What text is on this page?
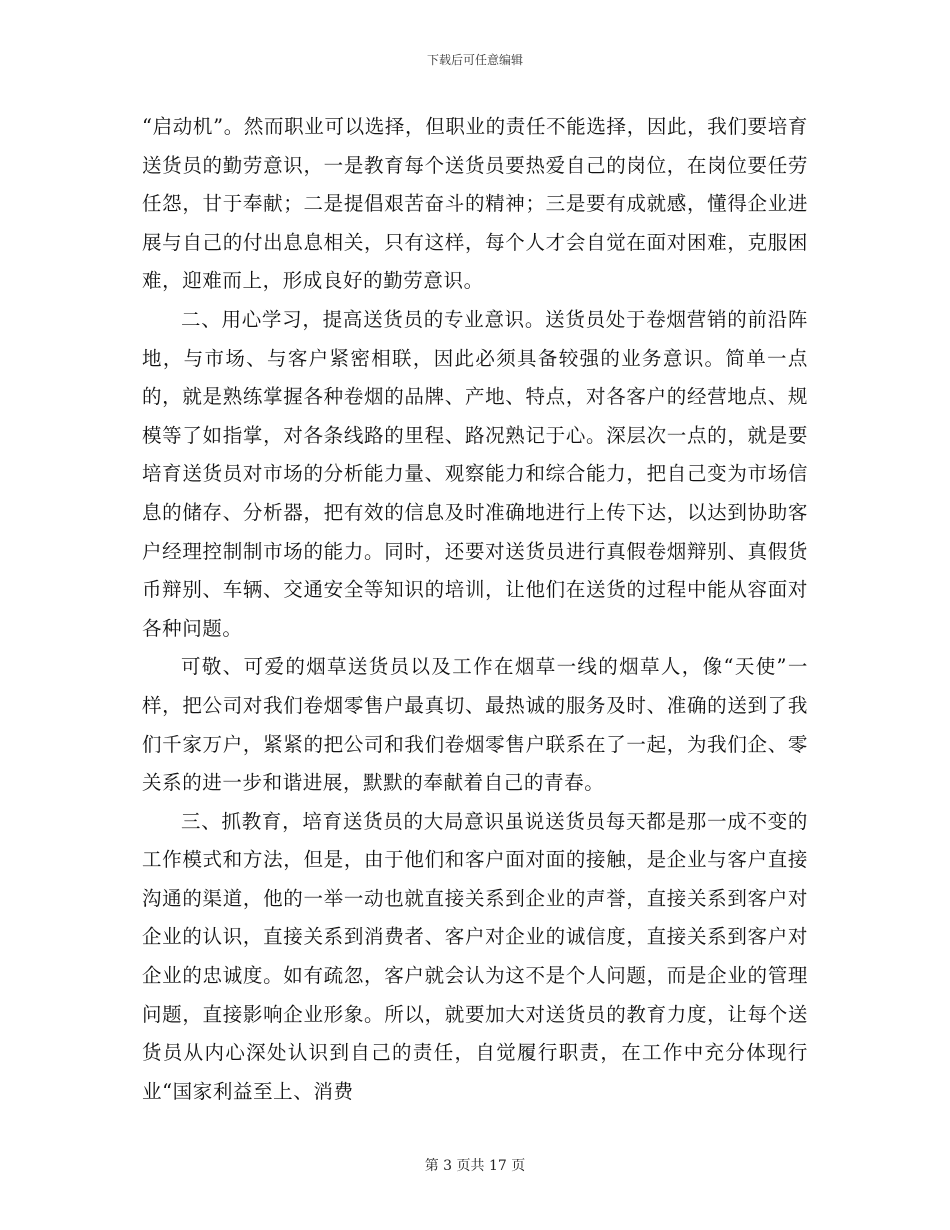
下载后可任意编辑

“启动机”。然而职业可以选择，但职业的责任不能选择，因此，我们要培育送货员的勤劳意识，一是教育每个送货员要热爱自己的岗位，在岗位要任劳任怨，甘于奉献；二是提倡艰苦奋斗的精神；三是要有成就感，懂得企业进展与自己的付出息息相关，只有这样，每个人才会自觉在面对困难，克服困难，迎难而上，形成良好的勤劳意识。

二、用心学习，提高送货员的专业意识。送货员处于卷烟营销的前沿阵地，与市场、与客户紧密相联，因此必须具备较强的业务意识。简单一点的，就是熟练掌握各种卷烟的品牌、产地、特点，对各客户的经营地点、规模等了如指掌，对各条线路的里程、路况熟记于心。深层次一点的，就是要培育送货员对市场的分析能力量、观察能力和综合能力，把自己变为市场信息的储存、分析器，把有效的信息及时准确地进行上传下达，以达到协助客户经理控制制市场的能力。同时，还要对送货员进行真假卷烟辩别、真假货币辩别、车辆、交通安全等知识的培训，让他们在送货的过程中能从容面对各种问题。

可敬、可爱的烟草送货员以及工作在烟草一线的烟草人，像“天使”一样，把公司对我们卷烟零售户最真切、最热诚的服务及时、准确的送到了我们千家万户，紧紧的把公司和我们卷烟零售户联系在了一起，为我们企、零关系的进一步和谐进展，默默的奉献着自己的青春。

三、抓教育，培育送货员的大局意识虽说送货员每天都是那一成不变的工作模式和方法，但是，由于他们和客户面对面的接触，是企业与客户直接沟通的渠道，他的一举一动也就直接关系到企业的声誉，直接关系到客户对企业的认识，直接关系到消费者、客户对企业的诚信度，直接关系到客户对企业的忠诚度。如有疏忽，客户就会认为这不是个人问题，而是企业的管理问题，直接影响企业形象。所以，就要加大对送货员的教育力度，让每个送货员从内心深处认识到自己的责任，自觉履行职责，在工作中充分体现行业“国家利益至上、消费

第 3 页共 17 页
